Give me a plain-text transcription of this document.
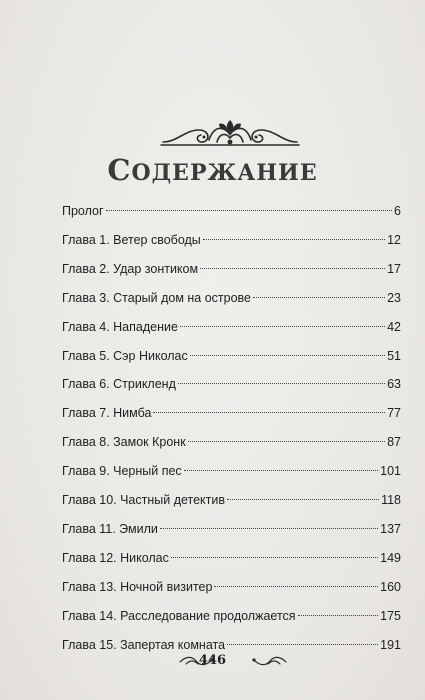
СОДЕРЖАНИЕ
Пролог	6
Глава 1. Ветер свободы	12
Глава 2. Удар зонтиком	17
Глава 3. Старый дом на острове	23
Глава 4. Нападение	42
Глава 5. Сэр Николас	51
Глава 6. Стрикленд	63
Глава 7. Нимба	77
Глава 8. Замок Кронк	87
Глава 9. Черный пес	101
Глава 10. Частный детектив	118
Глава 11. Эмили	137
Глава 12. Николас	149
Глава 13. Ночной визитер	160
Глава 14. Расследование продолжается	175
Глава 15. Запертая комната	191
446
